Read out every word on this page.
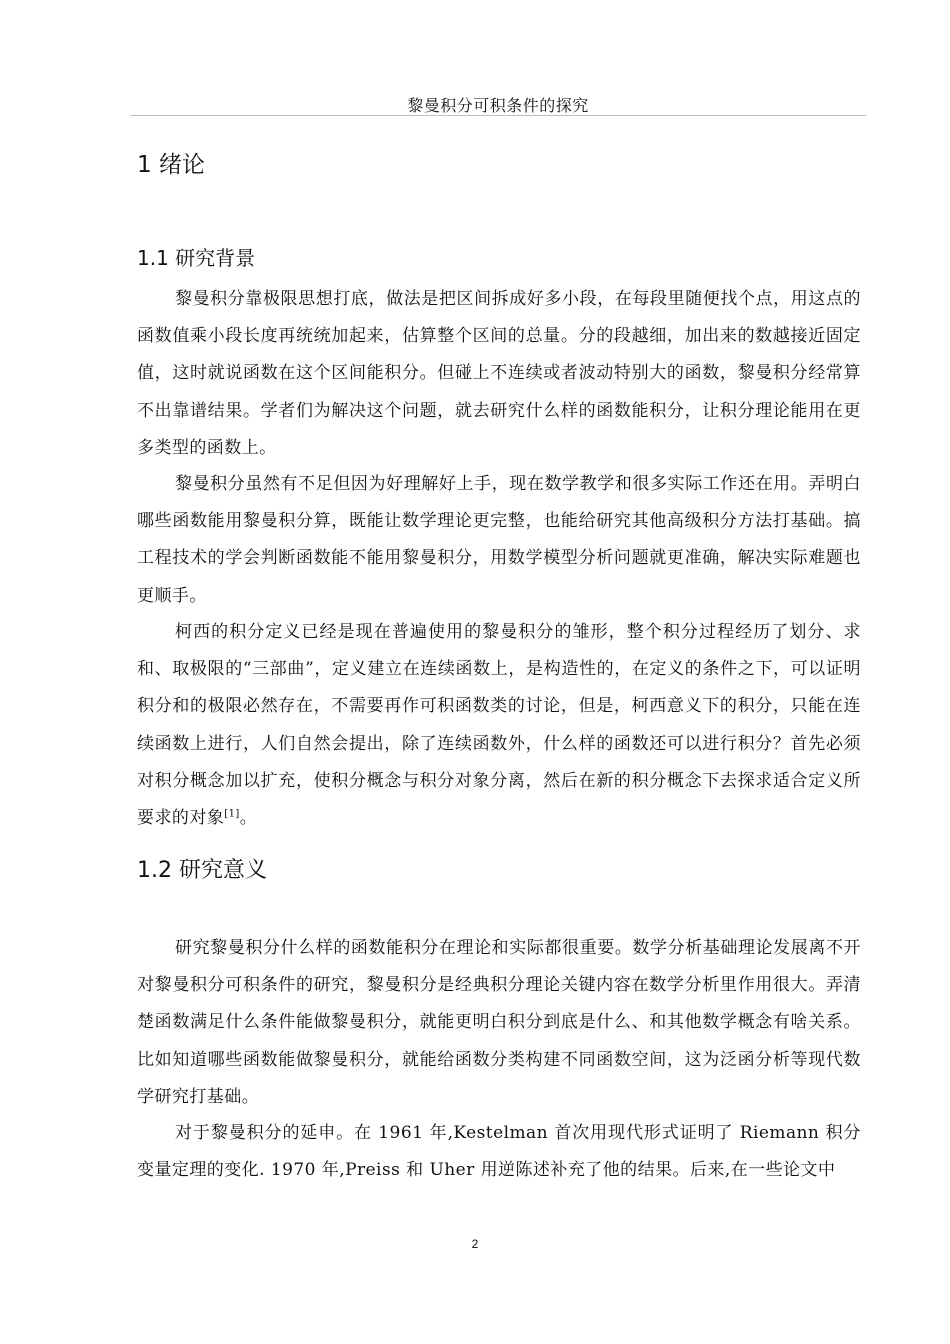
黎曼积分可积条件的探究
1 绪论
1.1 研究背景
黎曼积分靠极限思想打底，做法是把区间拆成好多小段，在每段里随便找个点，用这点的函数值乘小段长度再统统加起来，估算整个区间的总量。分的段越细，加出来的数越接近固定值，这时就说函数在这个区间能积分。但碰上不连续或者波动特别大的函数，黎曼积分经常算不出靠谱结果。学者们为解决这个问题，就去研究什么样的函数能积分，让积分理论能用在更多类型的函数上。
黎曼积分虽然有不足但因为好理解好上手，现在数学教学和很多实际工作还在用。弄明白哪些函数能用黎曼积分算，既能让数学理论更完整，也能给研究其他高级积分方法打基础。搞工程技术的学会判断函数能不能用黎曼积分，用数学模型分析问题就更准确，解决实际难题也更顺手。
柯西的积分定义已经是现在普遍使用的黎曼积分的雏形，整个积分过程经历了划分、求和、取极限的“三部曲”，定义建立在连续函数上，是构造性的，在定义的条件之下，可以证明积分和的极限必然存在，不需要再作可积函数类的讨论，但是，柯西意义下的积分，只能在连续函数上进行，人们自然会提出，除了连续函数外，什么样的函数还可以进行积分？首先必须对积分概念加以扩充，使积分概念与积分对象分离，然后在新的积分概念下去探求适合定义所要求的对象[1]。
1.2 研究意义
研究黎曼积分什么样的函数能积分在理论和实际都很重要。数学分析基础理论发展离不开对黎曼积分可积条件的研究，黎曼积分是经典积分理论关键内容在数学分析里作用很大。弄清楚函数满足什么条件能做黎曼积分，就能更明白积分到底是什么、和其他数学概念有啥关系。比如知道哪些函数能做黎曼积分，就能给函数分类构建不同函数空间，这为泛函分析等现代数学研究打基础。
对于黎曼积分的延申。在 1961 年,Kestelman 首次用现代形式证明了 Riemann 积分变量定理的变化. 1970 年,Preiss 和 Uher 用逆陈述补充了他的结果。后来,在一些论文中
2
